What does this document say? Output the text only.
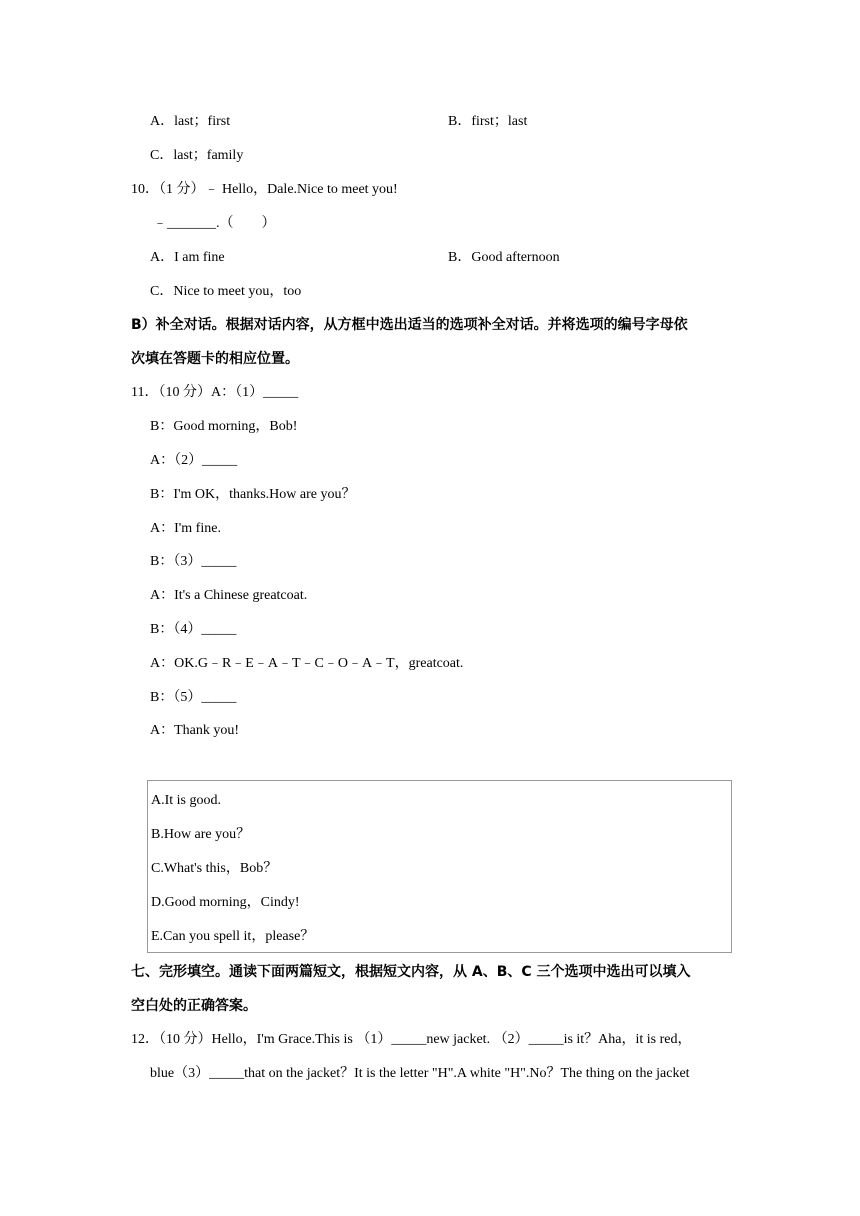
A．last；first	B．first；last
C．last；family
10．（1 分）﹣ Hello，Dale.Nice to meet you!
﹣_______.（　　）
A．I am fine	B．Good afternoon
C．Nice to meet you，too
B）补全对话。根据对话内容，从方框中选出适当的选项补全对话。并将选项的编号字母依
次填在答题卡的相应位置。
11．（10 分）A：（1）_____
B：Good morning，Bob!
A：（2）_____
B：I'm OK，thanks.How are you？
A：I'm fine.
B：（3）_____
A：It's a Chinese greatcoat.
B：（4）_____
A：OK.G﹣R﹣E﹣A﹣T﹣C﹣O﹣A﹣T，greatcoat.
B：（5）_____
A：Thank you!
A.It is good.
B.How are you？
C.What's this，Bob？
D.Good morning，Cindy!
E.Can you spell it，please？
七、完形填空。通读下面两篇短文，根据短文内容，从 A、B、C 三个选项中选出可以填入
空白处的正确答案。
12．（10 分）Hello，I'm Grace.This is （1）_____new jacket. （2）_____is it？Aha，it is red，
blue（3）_____that on the jacket？It is the letter "H".A white "H".No？The thing on the jacket
